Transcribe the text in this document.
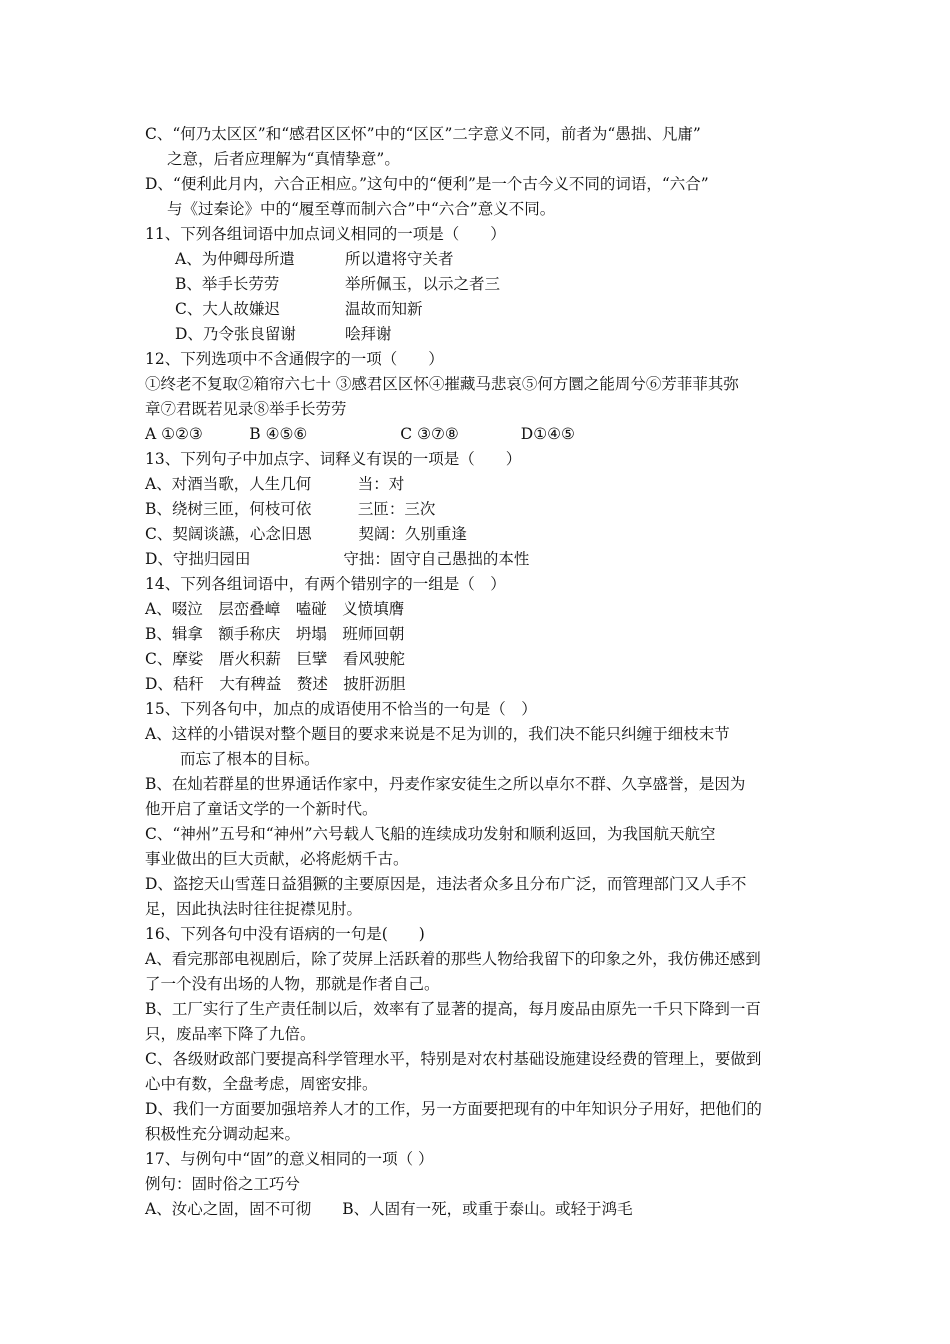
C、“何乃太区区”和“感君区区怀”中的“区区”二字意义不同，前者为“愚拙、凡庸”
之意，后者应理解为“真情挚意”。
D、“便利此月内，六合正相应。”这句中的“便利”是一个古今义不同的词语，“六合”
与《过秦论》中的“履至尊而制六合”中“六合”意义不同。
11、下列各组词语中加点词义相同的一项是（　　）
A、为仲卿母所遣	所以遣将守关者
B、举手长劳劳	举所佩玉，以示之者三
C、大人故嫌迟	温故而知新
D、乃令张良留谢	哙拜谢
12、下列选项中不含通假字的一项（　　）
①终老不复取②箱帘六七十 ③感君区区怀④摧藏马悲哀⑤何方圜之能周兮⑥芳菲菲其弥
章⑦君既若见录⑧举手长劳劳
A ①②③　　　B ④⑤⑥　　　　　　C ③⑦⑧　　　　D①④⑤
13、下列句子中加点字、词释义有误的一项是（　　）
A、对酒当歌，人生几何　　　当：对
B、绕树三匝，何枝可依　　　三匝：三次
C、契阔谈讌，心念旧恩　　　契阔：久别重逢
D、守拙归园田　　　　　　守拙：固守自己愚拙的本性
14、下列各组词语中，有两个错别字的一组是（　）
A、啜泣　层峦叠嶂　嗑碰　义愤填膺
B、辑拿　额手称庆　坍塌　班师回朝
C、摩娑　厝火积薪　巨擘　看风驶舵
D、秸秆　大有稗益　赘述　披肝沥胆
15、下列各句中，加点的成语使用不恰当的一句是（　）
A、这样的小错误对整个题目的要求来说是不足为训的，我们决不能只纠缠于细枝末节
而忘了根本的目标。
B、在灿若群星的世界通话作家中，丹麦作家安徒生之所以卓尔不群、久享盛誉，是因为
他开启了童话文学的一个新时代。
C、“神州”五号和“神州”六号载人飞船的连续成功发射和顺利返回，为我国航天航空
事业做出的巨大贡献，必将彪炳千古。
D、盗挖天山雪莲日益猖獗的主要原因是，违法者众多且分布广泛，而管理部门又人手不
足，因此执法时往往捉襟见肘。
16、下列各句中没有语病的一句是(　　)
A、看完那部电视剧后，除了荧屏上活跃着的那些人物给我留下的印象之外，我仿佛还感到
了一个没有出场的人物，那就是作者自己。
B、工厂实行了生产责任制以后，效率有了显著的提高，每月废品由原先一千只下降到一百
只，废品率下降了九倍。
C、各级财政部门要提高科学管理水平，特别是对农村基础设施建设经费的管理上，要做到
心中有数，全盘考虑，周密安排。
D、我们一方面要加强培养人才的工作，另一方面要把现有的中年知识分子用好，把他们的
积极性充分调动起来。
17、与例句中“固”的意义相同的一项（ ）
例句：固时俗之工巧兮
A、汝心之固，固不可彻　　B、人固有一死，或重于泰山。或轻于鸿毛
